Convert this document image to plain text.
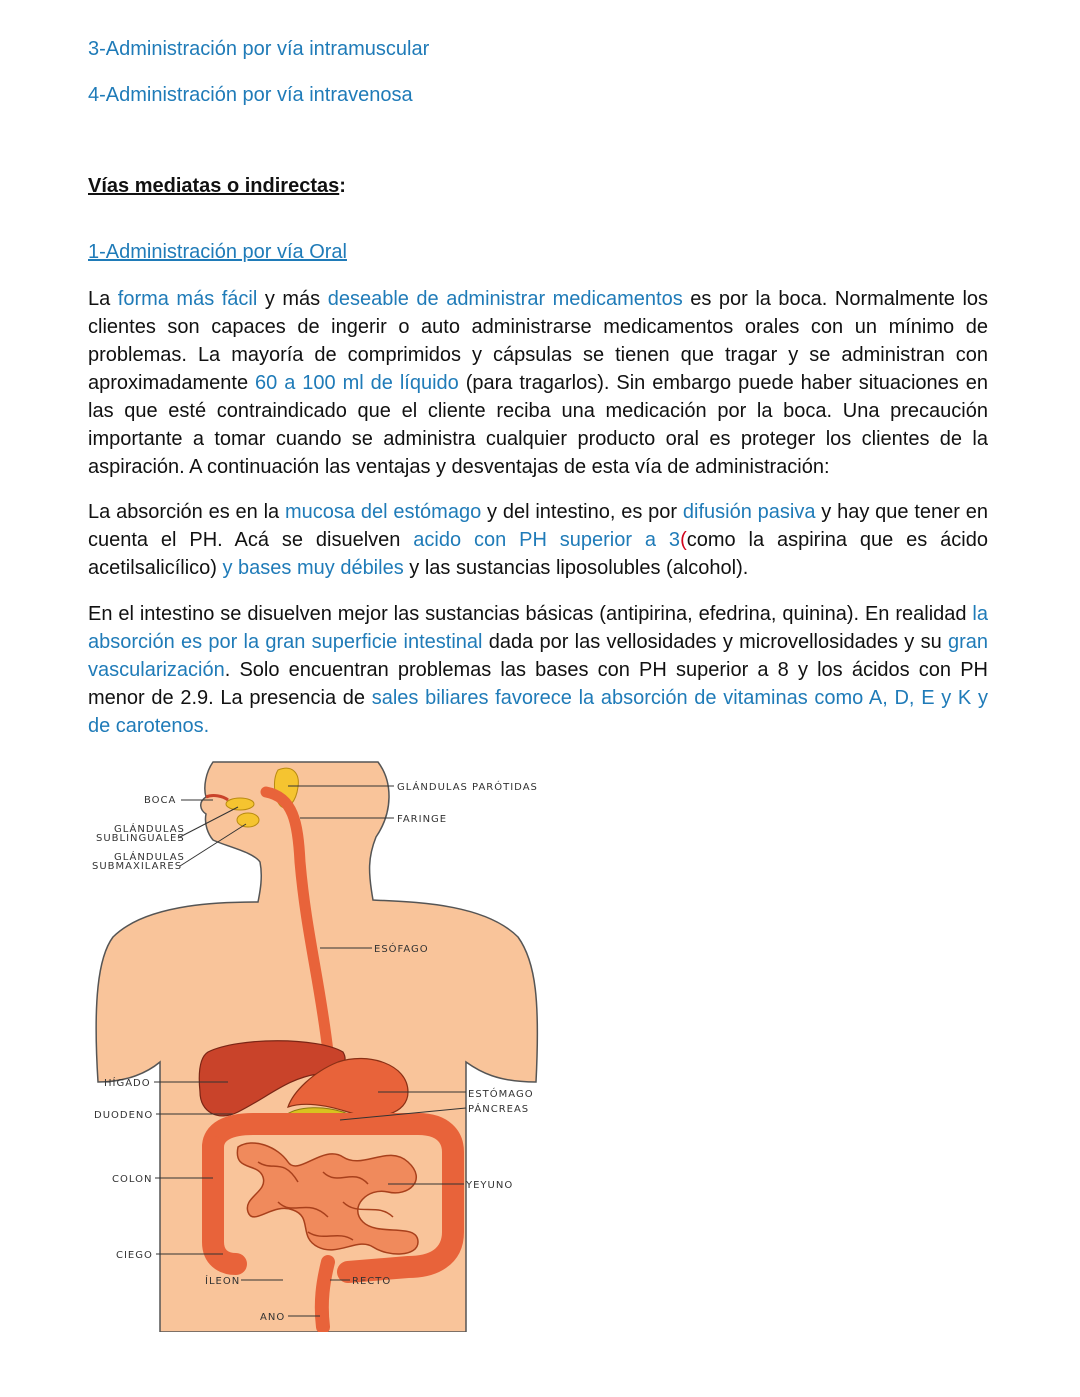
3-Administración por vía intramuscular
4-Administración por vía intravenosa
Vías mediatas o indirectas:
1-Administración por vía Oral

La forma más fácil y más deseable de administrar medicamentos es por la boca. Normalmente los clientes son capaces de ingerir o auto administrarse medicamentos orales con un mínimo de problemas. La mayoría de comprimidos y cápsulas se tienen que tragar y se administran con aproximadamente 60 a 100 ml de líquido (para tragarlos). Sin embargo puede haber situaciones en las que esté contraindicado que el cliente reciba una medicación por la boca. Una precaución importante a tomar cuando se administra cualquier producto oral es proteger los clientes de la aspiración. A continuación las ventajas y desventajas de esta vía de administración:

La absorción es en la mucosa del estómago y del intestino, es por difusión pasiva y hay que tener en cuenta el PH. Acá se disuelven acido con PH superior a 3(como la aspirina que es ácido acetilsalicílico) y bases muy débiles y las sustancias liposolubles (alcohol).

En el intestino se disuelven mejor las sustancias básicas (antipirina, efedrina, quinina). En realidad la absorción es por la gran superficie intestinal dada por las vellosidades y microvellosidades y su gran vascularización. Solo encuentran problemas las bases con PH superior a 8 y los ácidos con PH menor de 2.9. La presencia de sales biliares favorece la absorción de vitaminas como A, D, E y K y de carotenos.

BOCA
GLÁNDULAS
SUBLINGUALES
GLÁNDULAS
SUBMAXILARES
GLÁNDULAS PARÓTIDAS
FARINGE
ESÓFAGO
HÍGADO
DUODENO
ESTÓMAGO
PÁNCREAS
COLON
YEYUNO
CIEGO
ÍLEON	RECTO
ANO
